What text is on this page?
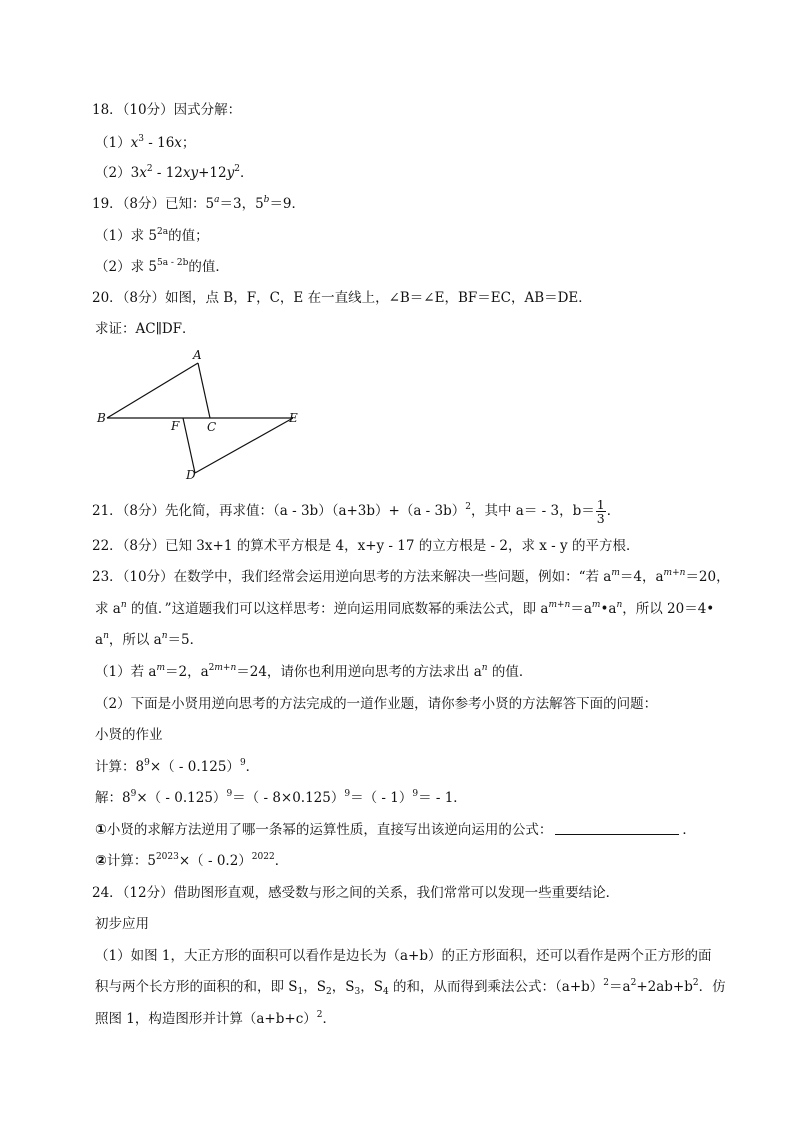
18．（10分）因式分解：
$(1)x^3 - 16x$；
$(2)3x^2 - 12xy+12y^2$．
19．（8分）已知：$5^a=3$，$5^b=9$．
（1）求 $5^{2a}$的值；
（2）求 $5^{5a - 2b}$的值．
20．（8分）如图，点 B，F，C，E 在一直线上，∠B＝∠E，BF＝EC，AB＝DE．
求证：AC∥DF．
A
B
F C
E
D
21．（8分）先化简，再求值：（a - 3b）（a+3b）+（a - 3b）$^2$，其中 a＝ - 3，$b= \frac{1}{3}$ ．
22．（8分）已知 3x+1 的算术平方根是 4，x+y - 17 的立方根是 - 2，求 x - y 的平方根．
23．（10分）在数学中，我们经常会运用逆向思考的方法来解决一些问题，例如：“若 $a^m=4$，$a^{m+n}=20$，
求 $a^n$ 的值．”这道题我们可以这样思考：逆向运用同底数幂的乘法公式，即 $a^{m+n}=a^m•a^n$，所以 20＝4•
$a^n$，所以 $a^n=5$．
（1）若 $a^m=2$，$a^{2m+n}=24$，请你也利用逆向思考的方法求出 $a^n$ 的值．
（2）下面是小贤用逆向思考的方法完成的一道作业题，请你参考小贤的方法解答下面的问题：
小贤的作业
计算：$8^9\times( - 0.125)^9$．
解：$8^9\times( - 0.125)^9=( - 8\times 0.125)^9=( - 1)^9= - 1$．
①小贤的求解方法逆用了哪一条幂的运算性质，直接写出该逆向运用的公式：	．
②计算：$5^{2023}\times( - 0.2)^{2022}$．
24．（12分）借助图形直观，感受数与形之间的关系，我们常常可以发现一些重要结论．
初步应用
（1）如图 1，大正方形的面积可以看作是边长为（a+b）的正方形面积，还可以看作是两个正方形的面
积与两个长方形的面积的和，即 $S_1$，$S_2$，$S_3$，$S_4$ 的和，从而得到乘法公式：$(a+b)^2=a^2+2ab+b^2$．仿
照图 1，构造图形并计算$(a+b+c)^2$．
